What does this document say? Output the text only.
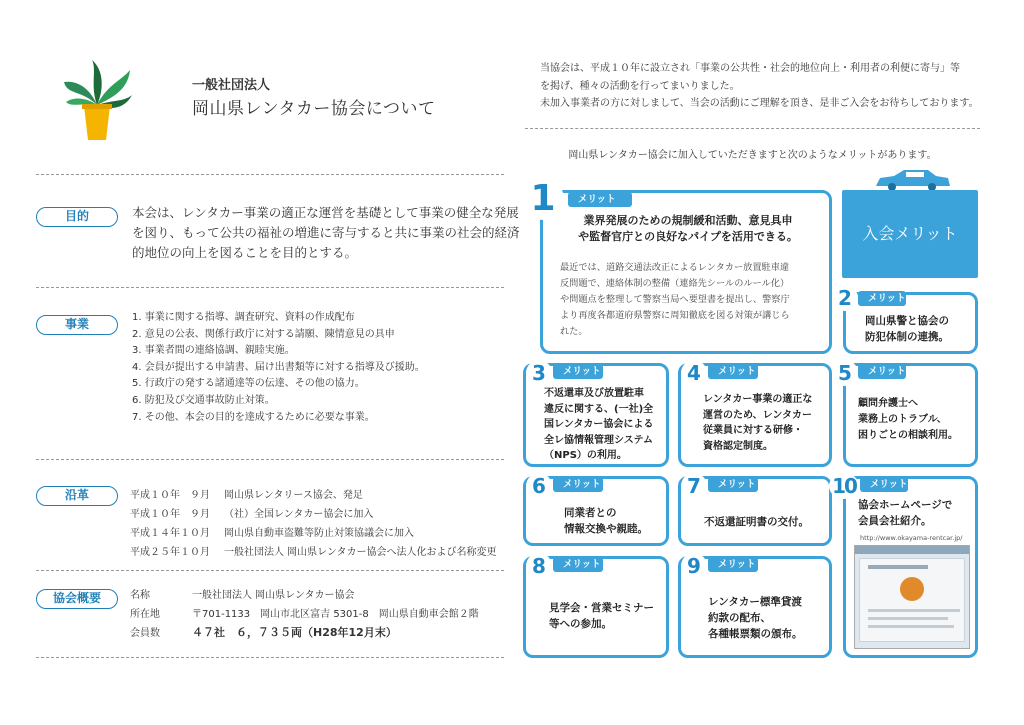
一般社団法人
岡山県レンタカー協会について
目的	本会は、レンタカー事業の適正な運営を基礎として事業の健全な発展
を図り、もって公共の福祉の増進に寄与すると共に事業の社会的経済
的地位の向上を図ることを目的とする。
事業	1. 事業に関する指導、調査研究、資料の作成配布
2. 意見の公表、関係行政庁に対する請願、陳情意見の具申
3. 事業者間の連絡協調、親睦実施。
4. 会員が提出する申請書、届け出書類等に対する指導及び援助。
5. 行政庁の発する諸通達等の伝達、その他の協力。
6. 防犯及び交通事故防止対策。
7. その他、本会の目的を達成するために必要な事業。
沿革	平成１０年　９月 岡山県レンタリース協会、発足
平成１０年　９月 （社）全国レンタカー協会に加入
平成１４年１０月 岡山県自動車盗難等防止対策協議会に加入
平成２５年１０月 一般社団法人 岡山県レンタカー協会へ法人化および名称変更
協会概要	名称	一般社団法人 岡山県レンタカー協会
所在地	〒701-1133　岡山市北区富吉 5301-8　岡山県自動車会館２階
会員数	４７社　６，７３５両（H28年12月末）
当協会は、平成１０年に設立され「事業の公共性・社会的地位向上・利用者の利便に寄与」等
を掲げ、種々の活動を行ってまいりました。
未加入事業者の方に対しまして、当会の活動にご理解を頂き、是非ご入会をお待ちしております。
岡山県レンタカー協会に加入していただきますと次のようなメリットがあります。
入会メリット
1	メリット
業界発展のための規制緩和活動、意見具申
や監督官庁との良好なパイプを活用できる。
最近では、道路交通法改正によるレンタカー放置駐車違
反問題で、連絡体制の整備（連絡先シールのルール化）
や問題点を整理して警察当局へ要望書を提出し、警察庁
より再度各都道府県警察に周知徹底を図る対策が講じら
れた。
2	メリット
岡山県警と協会の
防犯体制の連携。
3	メリット
不返還車及び放置駐車
違反に関する、(一社)全
国レンタカー協会による
全レ協情報管理システム
（NPS）の利用。
4	メリット
レンタカー事業の適正な
運営のため、レンタカー
従業員に対する研修・
資格認定制度。
5	メリット
顧問弁護士へ
業務上のトラブル、
困りごとの相談利用。
6	メリット
同業者との
情報交換や親睦。
7	メリット
不返還証明書の交付。
10	メリット
協会ホームページで
会員会社紹介。
http://www.okayama-rentcar.jp/
8	メリット
見学会・営業セミナー
等への参加。
9	メリット
レンタカー標準貸渡
約款の配布、
各種帳票類の頒布。
